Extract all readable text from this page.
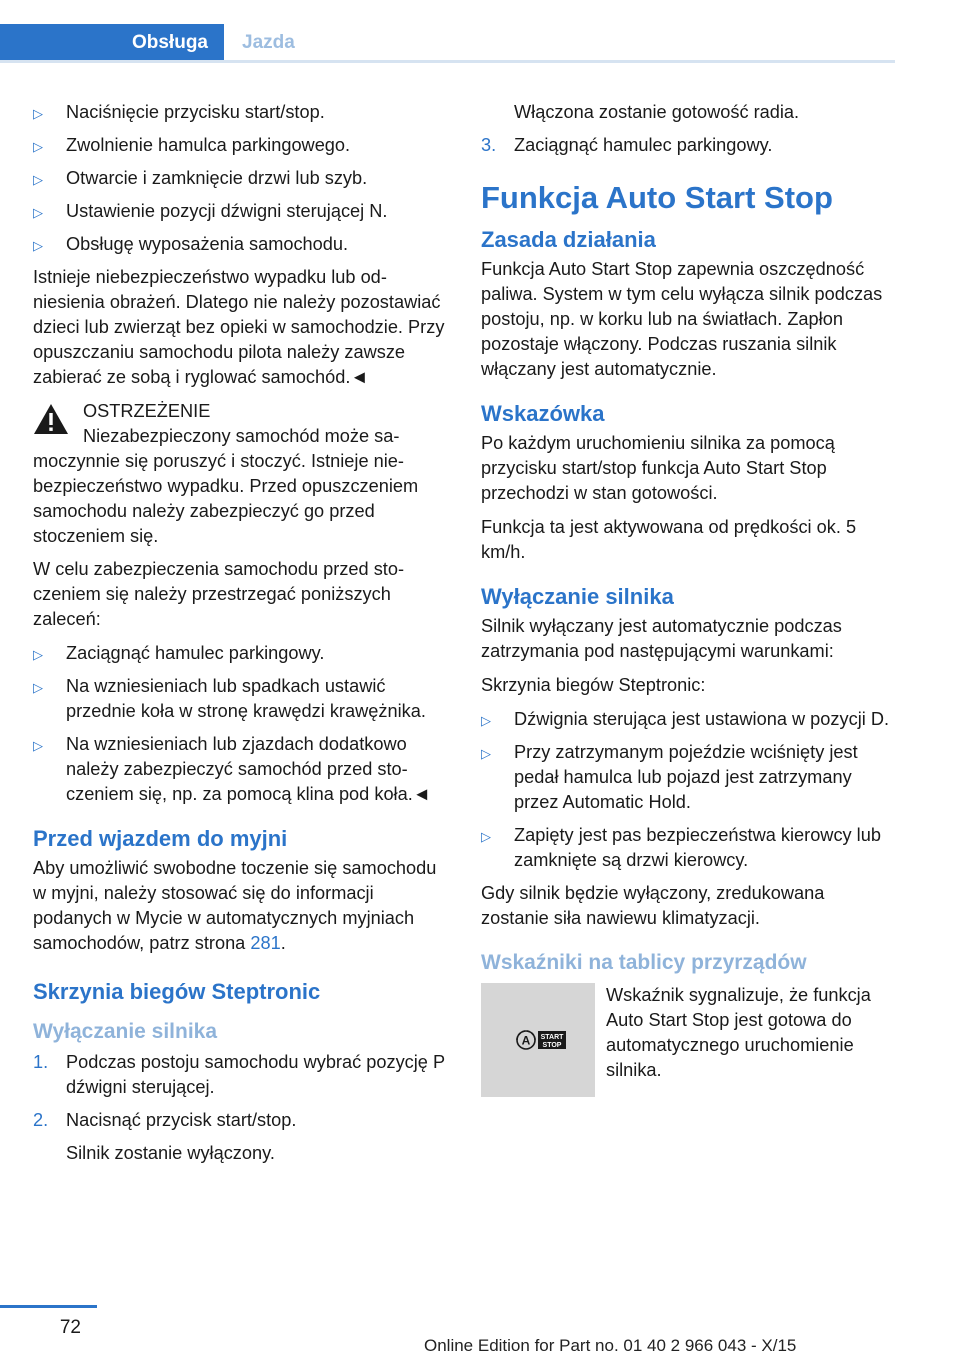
Obsługa Jazda
▷ Naciśnięcie przycisku start/stop.
▷ Zwolnienie hamulca parkingowego.
▷ Otwarcie i zamknięcie drzwi lub szyb.
▷ Ustawienie pozycji dźwigni sterującej N.
▷ Obsługę wyposażenia samochodu.

Istnieje niebezpieczeństwo wypadku lub odniesienia obrażeń. Dlatego nie należy pozostawiać dzieci lub zwierząt bez opieki w samochodzie. Przy opuszczaniu samochodu pilota należy zawsze zabierać ze sobą i ryglować samochód.◄

OSTRZEŻENIE
Niezabezpieczony samochód może samoczynnie się poruszyć i stoczyć. Istnieje niebezpieczeństwo wypadku. Przed opuszczeniem samochodu należy zabezpieczyć go przed stoczeniem się.

W celu zabezpieczenia samochodu przed stoczeniem się należy przestrzegać poniższych zaleceń:

▷ Zaciągnąć hamulec parkingowy.
▷ Na wzniesieniach lub spadkach ustawić przednie koła w stronę krawędzi krawężnika.
▷ Na wzniesieniach lub zjazdach dodatkowo należy zabezpieczyć samochód przed stoczeniem się, np. za pomocą klina pod koła.◄
Przed wjazdem do myjni

Aby umożliwić swobodne toczenie się samochodu w myjni, należy stosować się do informacji podanych w Mycie w automatycznych myjniach samochodów, patrz strona 281.

Skrzynia biegów Steptronic
Wyłączanie silnika
1. Podczas postoju samochodu wybrać pozycję P dźwigni sterującej.
2. Nacisnąć przycisk start/stop.
Silnik zostanie wyłączony.
Włączona zostanie gotowość radia.
3. Zaciągnąć hamulec parkingowy.
Funkcja Auto Start Stop
Zasada działania

Funkcja Auto Start Stop zapewnia oszczędność paliwa. System w tym celu wyłącza silnik podczas postoju, np. w korku lub na światłach. Zapłon pozostaje włączony. Podczas ruszania silnik włączany jest automatycznie.

Wskazówka

Po każdym uruchomieniu silnika za pomocą przycisku start/stop funkcja Auto Start Stop przechodzi w stan gotowości.

Funkcja ta jest aktywowana od prędkości ok. 5 km/h.

Wyłączanie silnika

Silnik wyłączany jest automatycznie podczas zatrzymania pod następującymi warunkami:

Skrzynia biegów Steptronic:

▷ Dźwignia sterująca jest ustawiona w pozycji D.
▷ Przy zatrzymanym pojeździe wciśnięty jest pedał hamulca lub pojazd jest zatrzymany przez Automatic Hold.
▷ Zapięty jest pas bezpieczeństwa kierowcy lub zamknięte są drzwi kierowcy.

Gdy silnik będzie wyłączony, zredukowana zostanie siła nawiewu klimatyzacji.

Wskaźniki na tablicy przyrządów
A START
STOP
Wskaźnik sygnalizuje, że funkcja Auto Start Stop jest gotowa do automatycznego uruchomienie silnika.
72
Online Edition for Part no. 01 40 2 966 043 - X/15
